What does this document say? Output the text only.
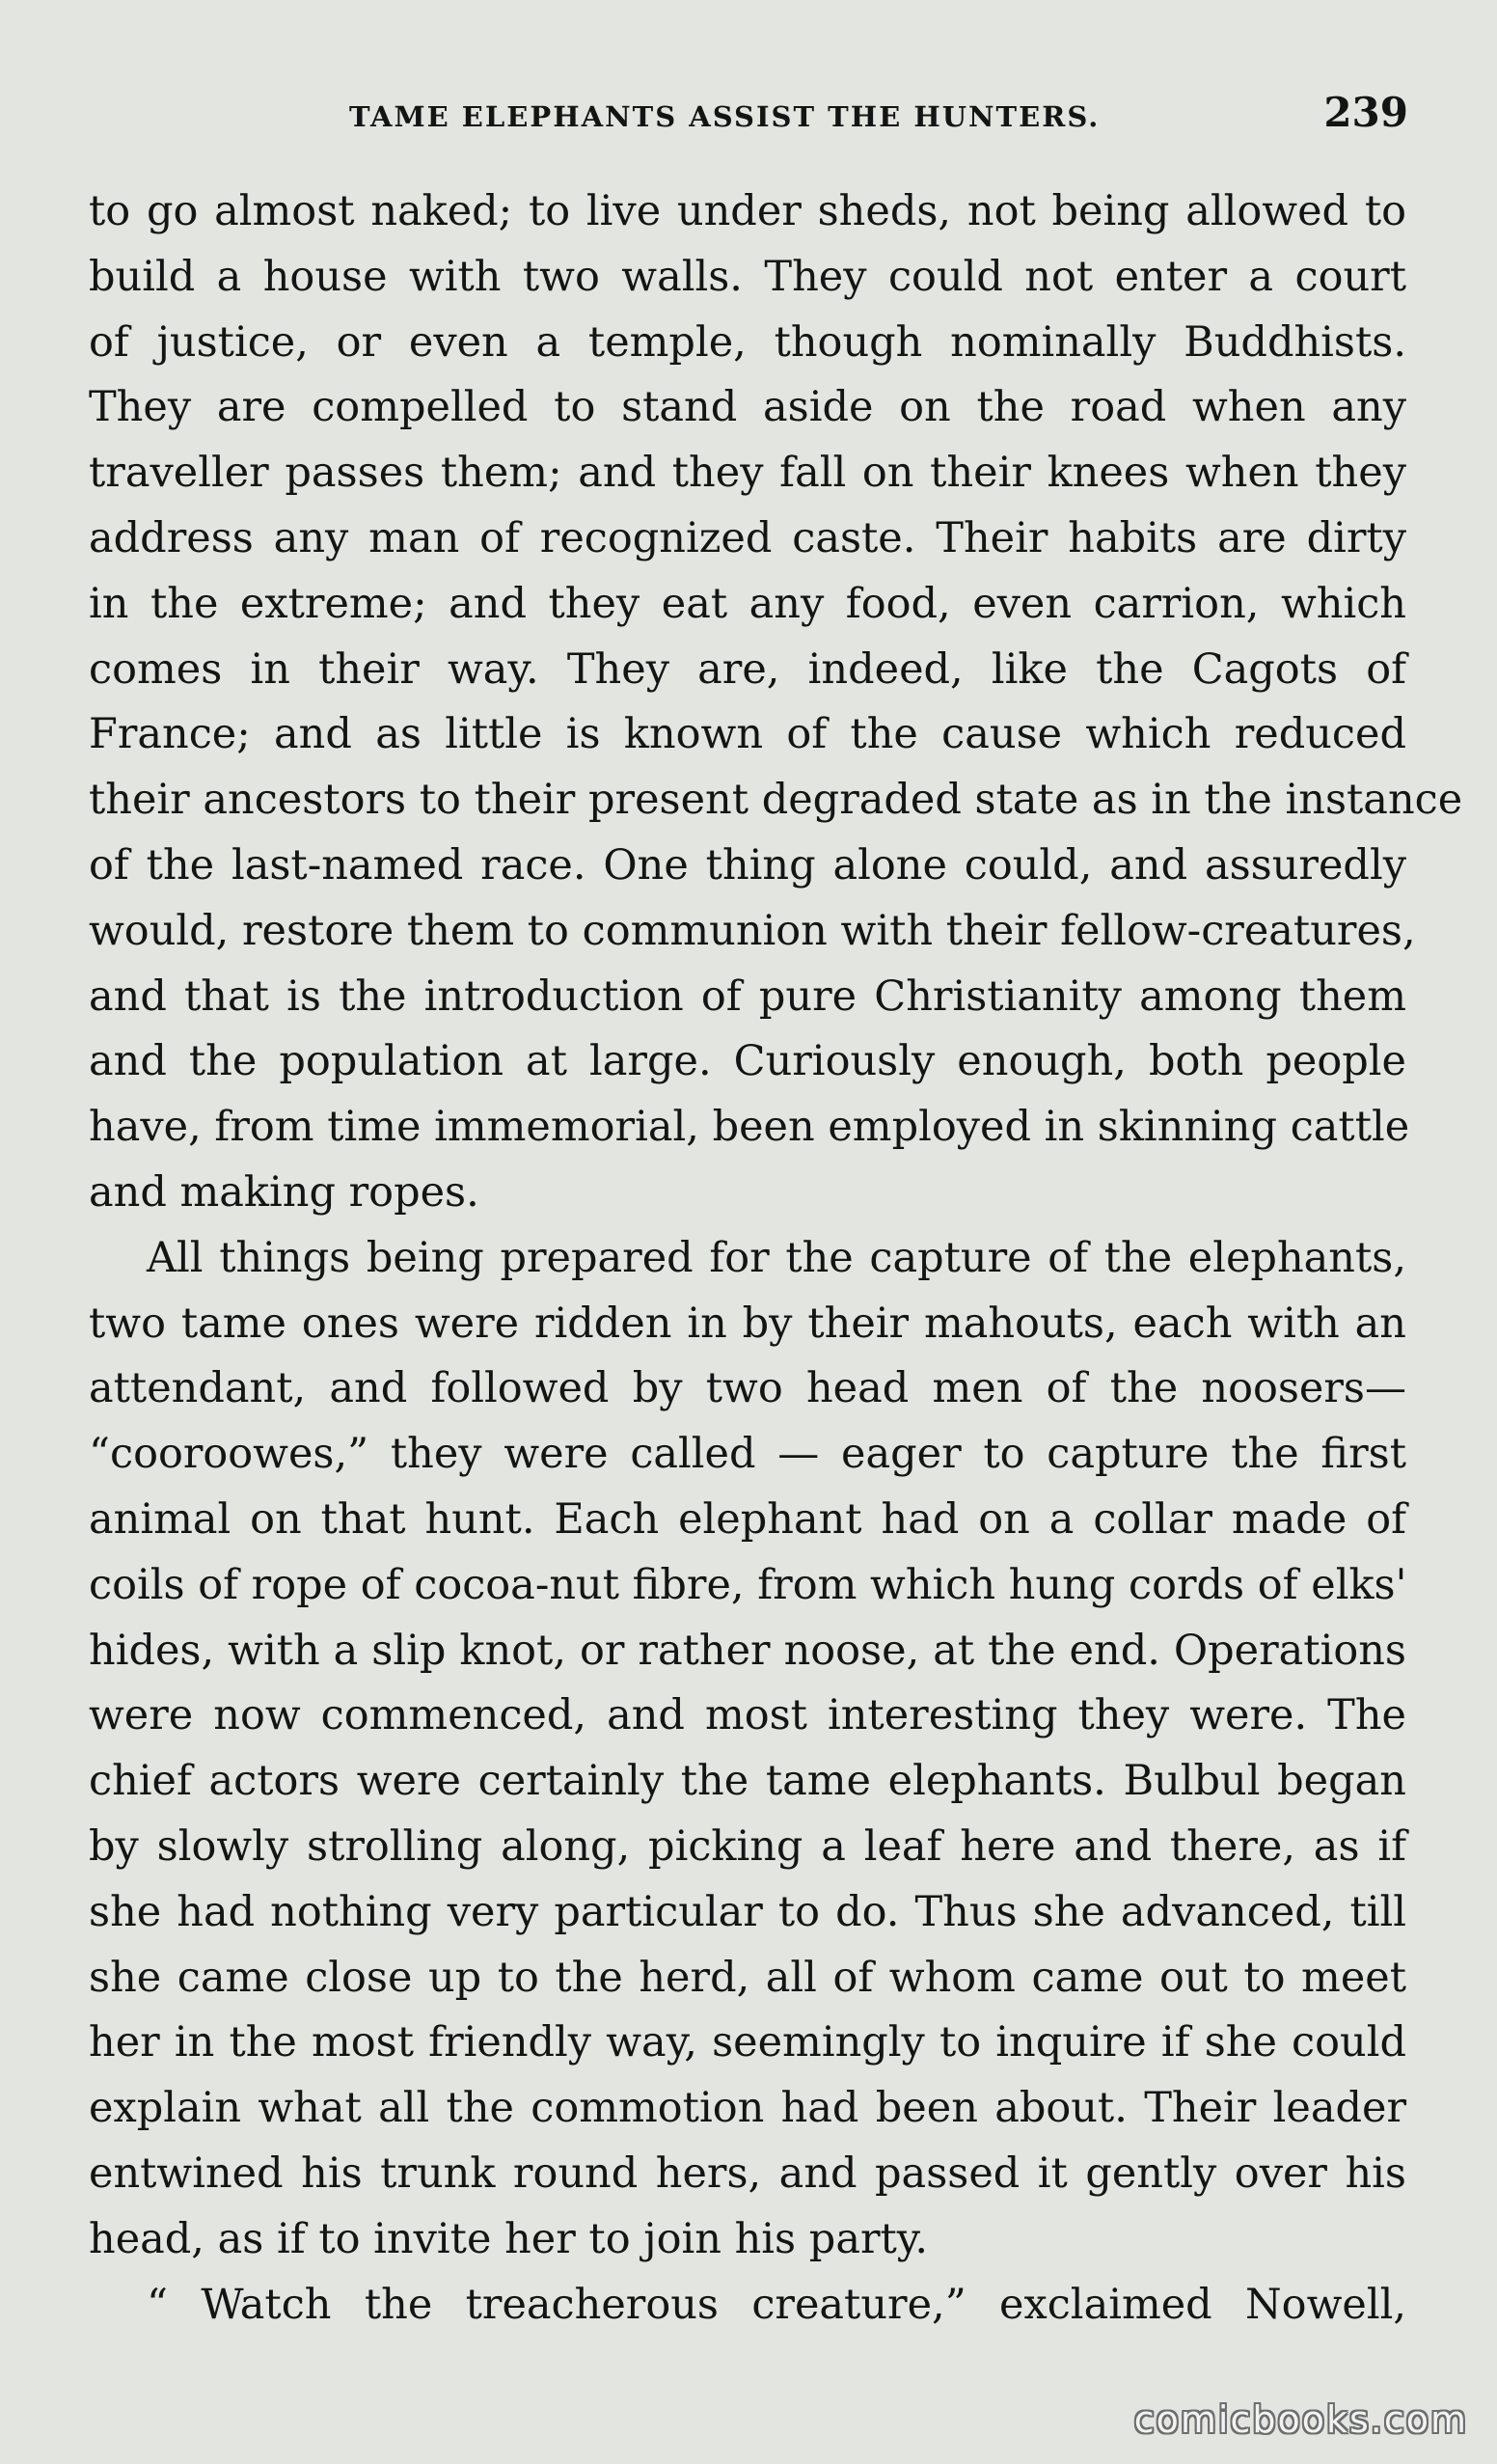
TAME ELEPHANTS ASSIST THE HUNTERS.	239
to go almost naked; to live under sheds, not being allowed to
build a house with two walls. They could not enter a court
of justice, or even a temple, though nominally Buddhists.
They are compelled to stand aside on the road when any
traveller passes them; and they fall on their knees when they
address any man of recognized caste. Their habits are dirty
in the extreme; and they eat any food, even carrion, which
comes in their way. They are, indeed, like the Cagots of
France; and as little is known of the cause which reduced
their ancestors to their present degraded state as in the instance
of the last-named race. One thing alone could, and assuredly
would, restore them to communion with their fellow-creatures,
and that is the introduction of pure Christianity among them
and the population at large. Curiously enough, both people
have, from time immemorial, been employed in skinning cattle
and making ropes.
All things being prepared for the capture of the elephants,
two tame ones were ridden in by their mahouts, each with an
attendant, and followed by two head men of the noosers—
“cooroowes,” they were called — eager to capture the first
animal on that hunt. Each elephant had on a collar made of
coils of rope of cocoa-nut fibre, from which hung cords of elks'
hides, with a slip knot, or rather noose, at the end. Operations
were now commenced, and most interesting they were. The
chief actors were certainly the tame elephants. Bulbul began
by slowly strolling along, picking a leaf here and there, as if
she had nothing very particular to do. Thus she advanced, till
she came close up to the herd, all of whom came out to meet
her in the most friendly way, seemingly to inquire if she could
explain what all the commotion had been about. Their leader
entwined his trunk round hers, and passed it gently over his
head, as if to invite her to join his party.
“ Watch the treacherous creature,” exclaimed Nowell,
comicbooks.com
